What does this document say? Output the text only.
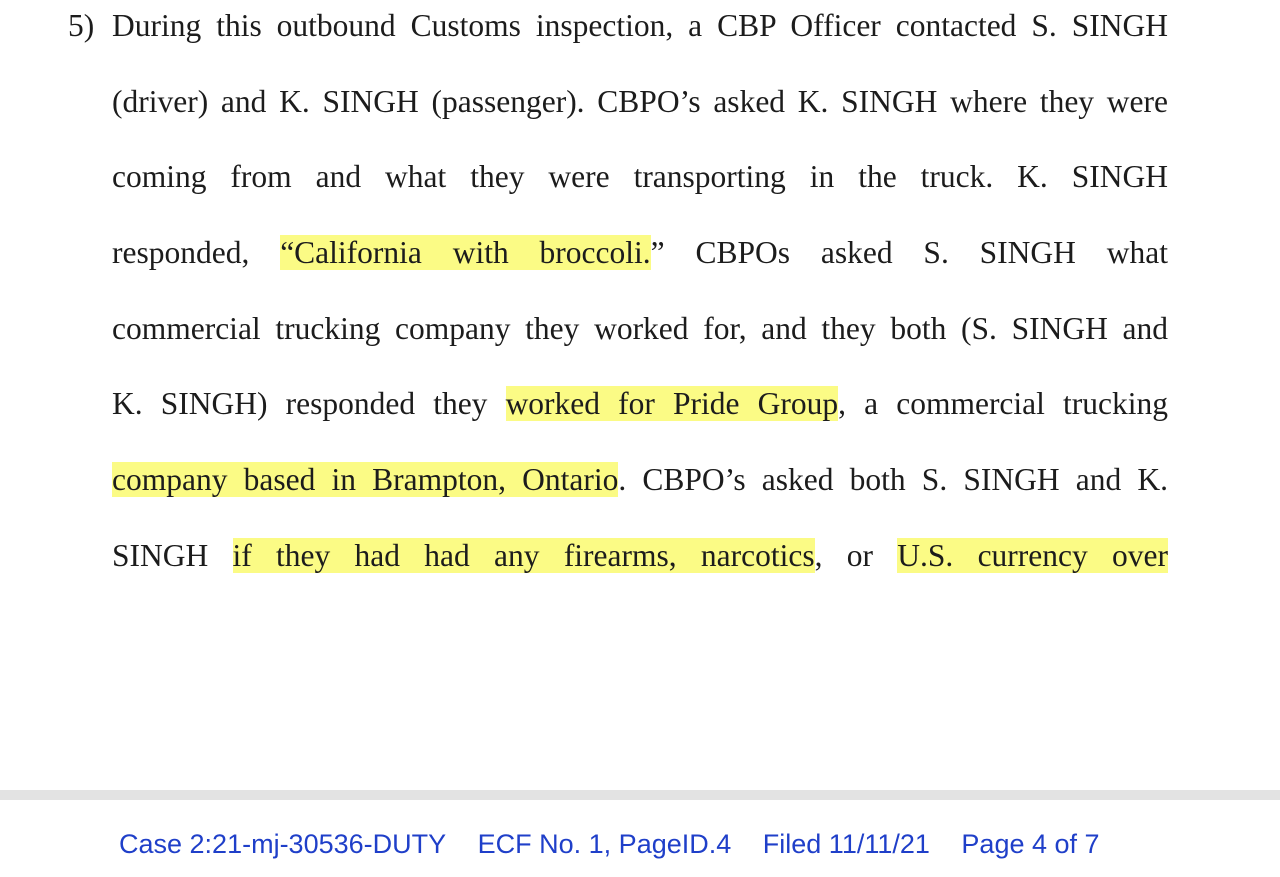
5) During this outbound Customs inspection, a CBP Officer contacted S. SINGH
(driver) and K. SINGH (passenger). CBPO’s asked K. SINGH where they were
coming from and what they were transporting in the truck. K. SINGH
responded, “California with broccoli.” CBPOs asked S. SINGH what
commercial trucking company they worked for, and they both (S. SINGH and
K. SINGH) responded they worked for Pride Group, a commercial trucking
company based in Brampton, Ontario. CBPO’s asked both S. SINGH and K.
SINGH if they had had any firearms, narcotics, or U.S. currency over
Case 2:21-mj-30536-DUTY ECF No. 1, PageID.4 Filed 11/11/21 Page 4 of 7
